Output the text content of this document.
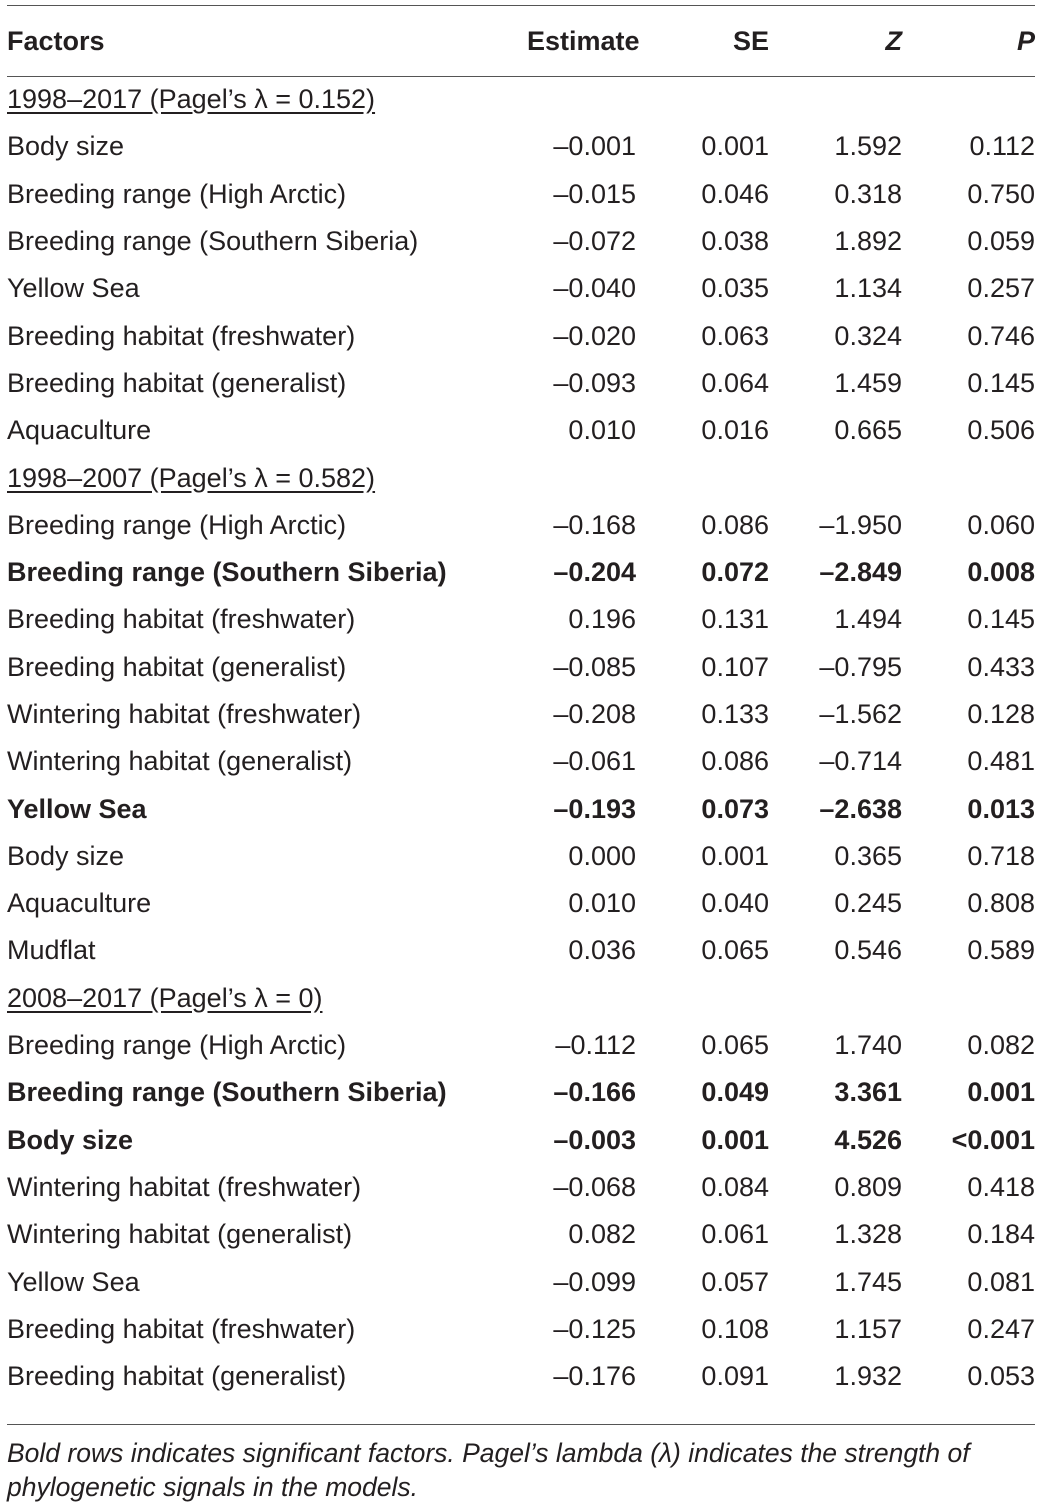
Factors	Estimate	SE	Z	P
1998–2017 (Pagel’s λ = 0.152)				
Body size	–0.001	0.001	1.592	0.112
Breeding range (High Arctic)	–0.015	0.046	0.318	0.750
Breeding range (Southern Siberia)	–0.072	0.038	1.892	0.059
Yellow Sea	–0.040	0.035	1.134	0.257
Breeding habitat (freshwater)	–0.020	0.063	0.324	0.746
Breeding habitat (generalist)	–0.093	0.064	1.459	0.145
Aquaculture	0.010	0.016	0.665	0.506
1998–2007 (Pagel’s λ = 0.582)				
Breeding range (High Arctic)	–0.168	0.086	–1.950	0.060
Breeding range (Southern Siberia)	–0.204	0.072	–2.849	0.008
Breeding habitat (freshwater)	0.196	0.131	1.494	0.145
Breeding habitat (generalist)	–0.085	0.107	–0.795	0.433
Wintering habitat (freshwater)	–0.208	0.133	–1.562	0.128
Wintering habitat (generalist)	–0.061	0.086	–0.714	0.481
Yellow Sea	–0.193	0.073	–2.638	0.013
Body size	0.000	0.001	0.365	0.718
Aquaculture	0.010	0.040	0.245	0.808
Mudflat	0.036	0.065	0.546	0.589
2008–2017 (Pagel’s λ = 0)				
Breeding range (High Arctic)	–0.112	0.065	1.740	0.082
Breeding range (Southern Siberia)	–0.166	0.049	3.361	0.001
Body size	–0.003	0.001	4.526	<0.001
Wintering habitat (freshwater)	–0.068	0.084	0.809	0.418
Wintering habitat (generalist)	0.082	0.061	1.328	0.184
Yellow Sea	–0.099	0.057	1.745	0.081
Breeding habitat (freshwater)	–0.125	0.108	1.157	0.247
Breeding habitat (generalist)	–0.176	0.091	1.932	0.053
Bold rows indicates significant factors. Pagel’s lambda (λ) indicates the strength of phylogenetic signals in the models.
